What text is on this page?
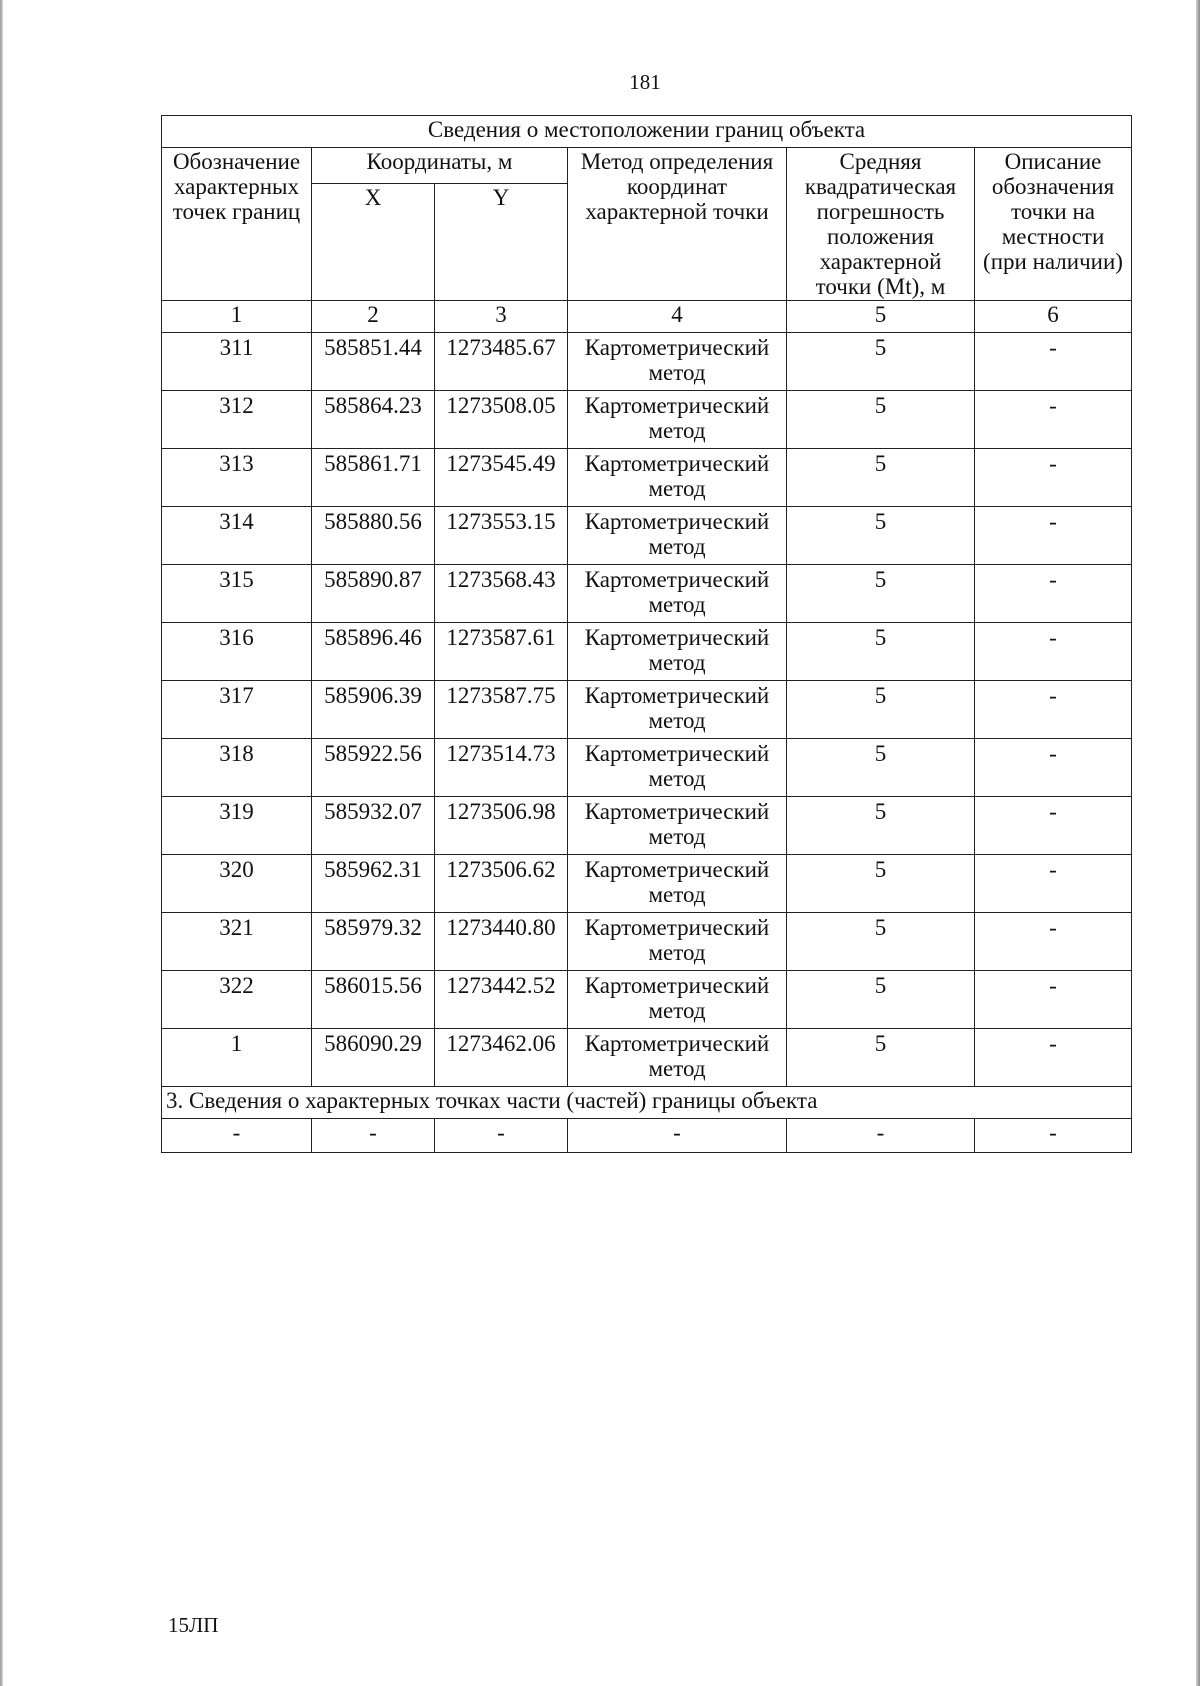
181
Сведения о местоположении границ объекта					
Обозначение характерных точек границ	Координаты, м		Метод определения координат характерной точки	Средняя квадратическая погрешность положения характерной точки (Mt), м	Описание обозначения точки на местности (при наличии)
	X	Y			
1	2	3	4	5	6
311	585851.44	1273485.67	Картометрический метод	5	-
312	585864.23	1273508.05	Картометрический метод	5	-
313	585861.71	1273545.49	Картометрический метод	5	-
314	585880.56	1273553.15	Картометрический метод	5	-
315	585890.87	1273568.43	Картометрический метод	5	-
316	585896.46	1273587.61	Картометрический метод	5	-
317	585906.39	1273587.75	Картометрический метод	5	-
318	585922.56	1273514.73	Картометрический метод	5	-
319	585932.07	1273506.98	Картометрический метод	5	-
320	585962.31	1273506.62	Картометрический метод	5	-
321	585979.32	1273440.80	Картометрический метод	5	-
322	586015.56	1273442.52	Картометрический метод	5	-
1	586090.29	1273462.06	Картометрический метод	5	-
3. Сведения о характерных точках части (частей) границы объекта					
-	-	-	-	-	-
15ЛП
